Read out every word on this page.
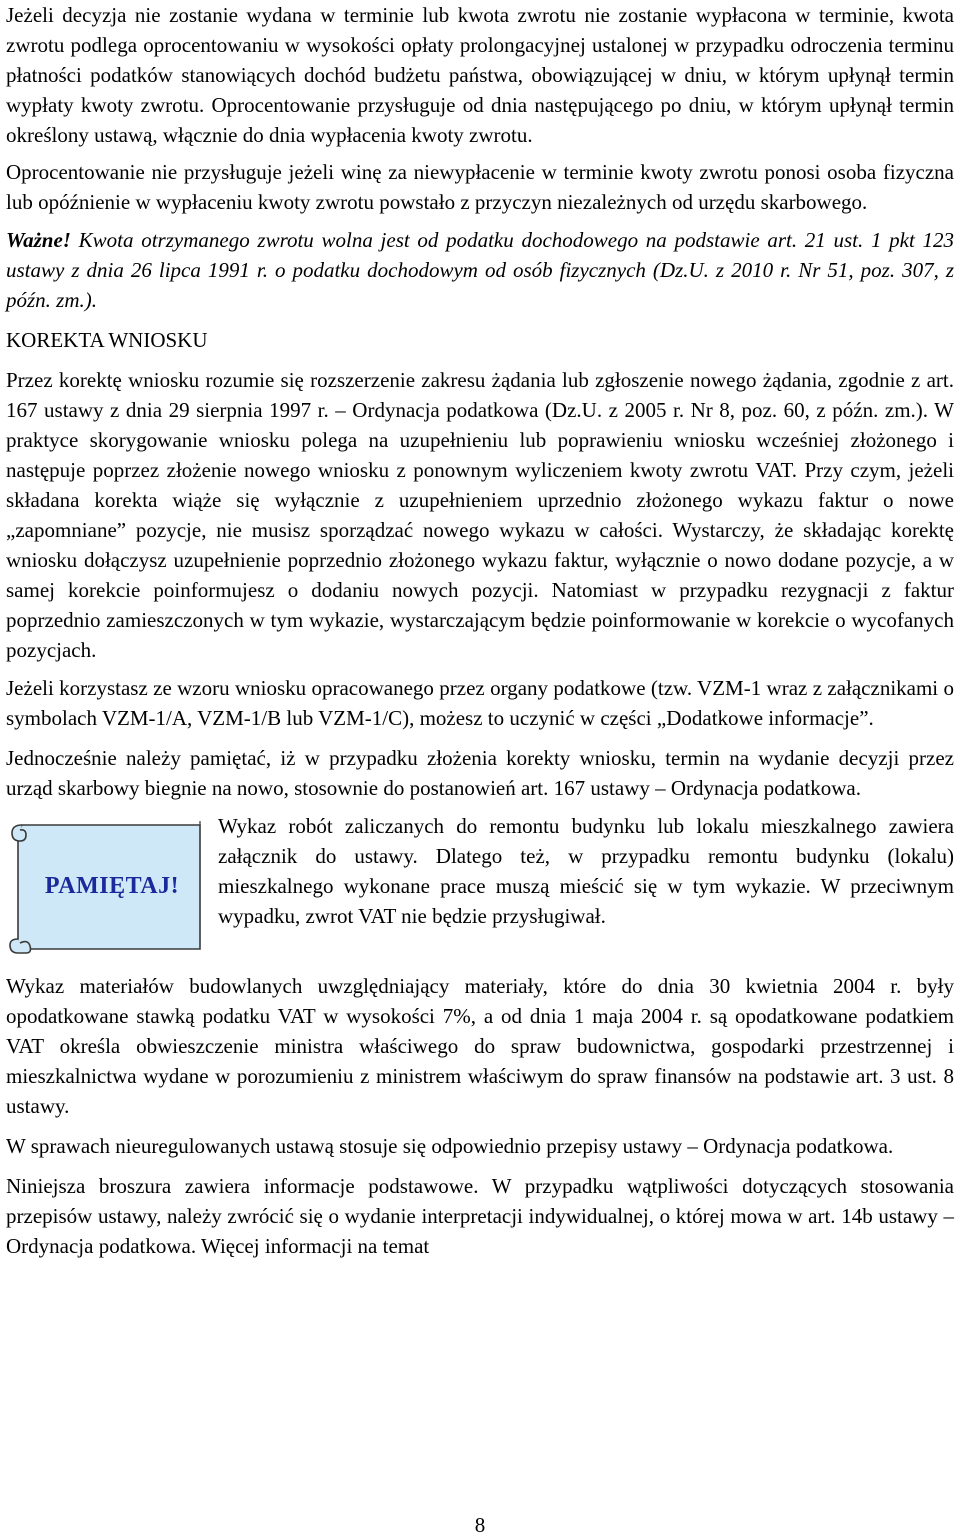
Jeżeli decyzja nie zostanie wydana w terminie lub kwota zwrotu nie zostanie wypłacona w terminie, kwota zwrotu podlega oprocentowaniu w wysokości opłaty prolongacyjnej ustalonej w przypadku odroczenia terminu płatności podatków stanowiących dochód budżetu państwa, obowiązującej w dniu, w którym upłynął termin wypłaty kwoty zwrotu. Oprocentowanie przysługuje od dnia następującego po dniu, w którym upłynął termin określony ustawą, włącznie do dnia wypłacenia kwoty zwrotu.

Oprocentowanie nie przysługuje jeżeli winę za niewypłacenie w terminie kwoty zwrotu ponosi osoba fizyczna lub opóźnienie w wypłaceniu kwoty zwrotu powstało z przyczyn niezależnych od urzędu skarbowego.

Ważne! Kwota otrzymanego zwrotu wolna jest od podatku dochodowego na podstawie art. 21 ust. 1 pkt 123 ustawy z dnia 26 lipca 1991 r. o podatku dochodowym od osób fizycznych (Dz.U. z 2010 r. Nr 51, poz. 307, z późn. zm.).

KOREKTA WNIOSKU

Przez korektę wniosku rozumie się rozszerzenie zakresu żądania lub zgłoszenie nowego żądania, zgodnie z art. 167 ustawy z dnia 29 sierpnia 1997 r. – Ordynacja podatkowa (Dz.U. z 2005 r. Nr 8, poz. 60, z późn. zm.). W praktyce skorygowanie wniosku polega na uzupełnieniu lub poprawieniu wniosku wcześniej złożonego i następuje poprzez złożenie nowego wniosku z ponownym wyliczeniem kwoty zwrotu VAT. Przy czym, jeżeli składana korekta wiąże się wyłącznie z uzupełnieniem uprzednio złożonego wykazu faktur o nowe „zapomniane” pozycje, nie musisz sporządzać nowego wykazu w całości. Wystarczy, że składając korektę wniosku dołączysz uzupełnienie poprzednio złożonego wykazu faktur, wyłącznie o nowo dodane pozycje, a w samej korekcie poinformujesz o dodaniu nowych pozycji. Natomiast w przypadku rezygnacji z faktur poprzednio zamieszczonych w tym wykazie, wystarczającym będzie poinformowanie w korekcie o wycofanych pozycjach.

Jeżeli korzystasz ze wzoru wniosku opracowanego przez organy podatkowe (tzw. VZM-1 wraz z załącznikami o symbolach VZM-1/A, VZM-1/B lub VZM-1/C), możesz to uczynić w części „Dodatkowe informacje”.

Jednocześnie należy pamiętać, iż w przypadku złożenia korekty wniosku, termin na wydanie decyzji przez urząd skarbowy biegnie na nowo, stosownie do postanowień art. 167 ustawy – Ordynacja podatkowa.

PAMIĘTAJ!

Wykaz robót zaliczanych do remontu budynku lub lokalu mieszkalnego zawiera załącznik do ustawy. Dlatego też, w przypadku remontu budynku (lokalu) mieszkalnego wykonane prace muszą mieścić się w tym wykazie. W przeciwnym wypadku, zwrot VAT nie będzie przysługiwał.

Wykaz materiałów budowlanych uwzględniający materiały, które do dnia 30 kwietnia 2004 r. były opodatkowane stawką podatku VAT w wysokości 7%, a od dnia 1 maja 2004 r. są opodatkowane podatkiem VAT określa obwieszczenie ministra właściwego do spraw budownictwa, gospodarki przestrzennej i mieszkalnictwa wydane w porozumieniu z ministrem właściwym do spraw finansów na podstawie art. 3 ust. 8 ustawy.

W sprawach nieuregulowanych ustawą stosuje się odpowiednio przepisy ustawy – Ordynacja podatkowa.

Niniejsza broszura zawiera informacje podstawowe. W przypadku wątpliwości dotyczących stosowania przepisów ustawy, należy zwrócić się o wydanie interpretacji indywidualnej, o której mowa w art. 14b ustawy – Ordynacja podatkowa. Więcej informacji na temat

8
